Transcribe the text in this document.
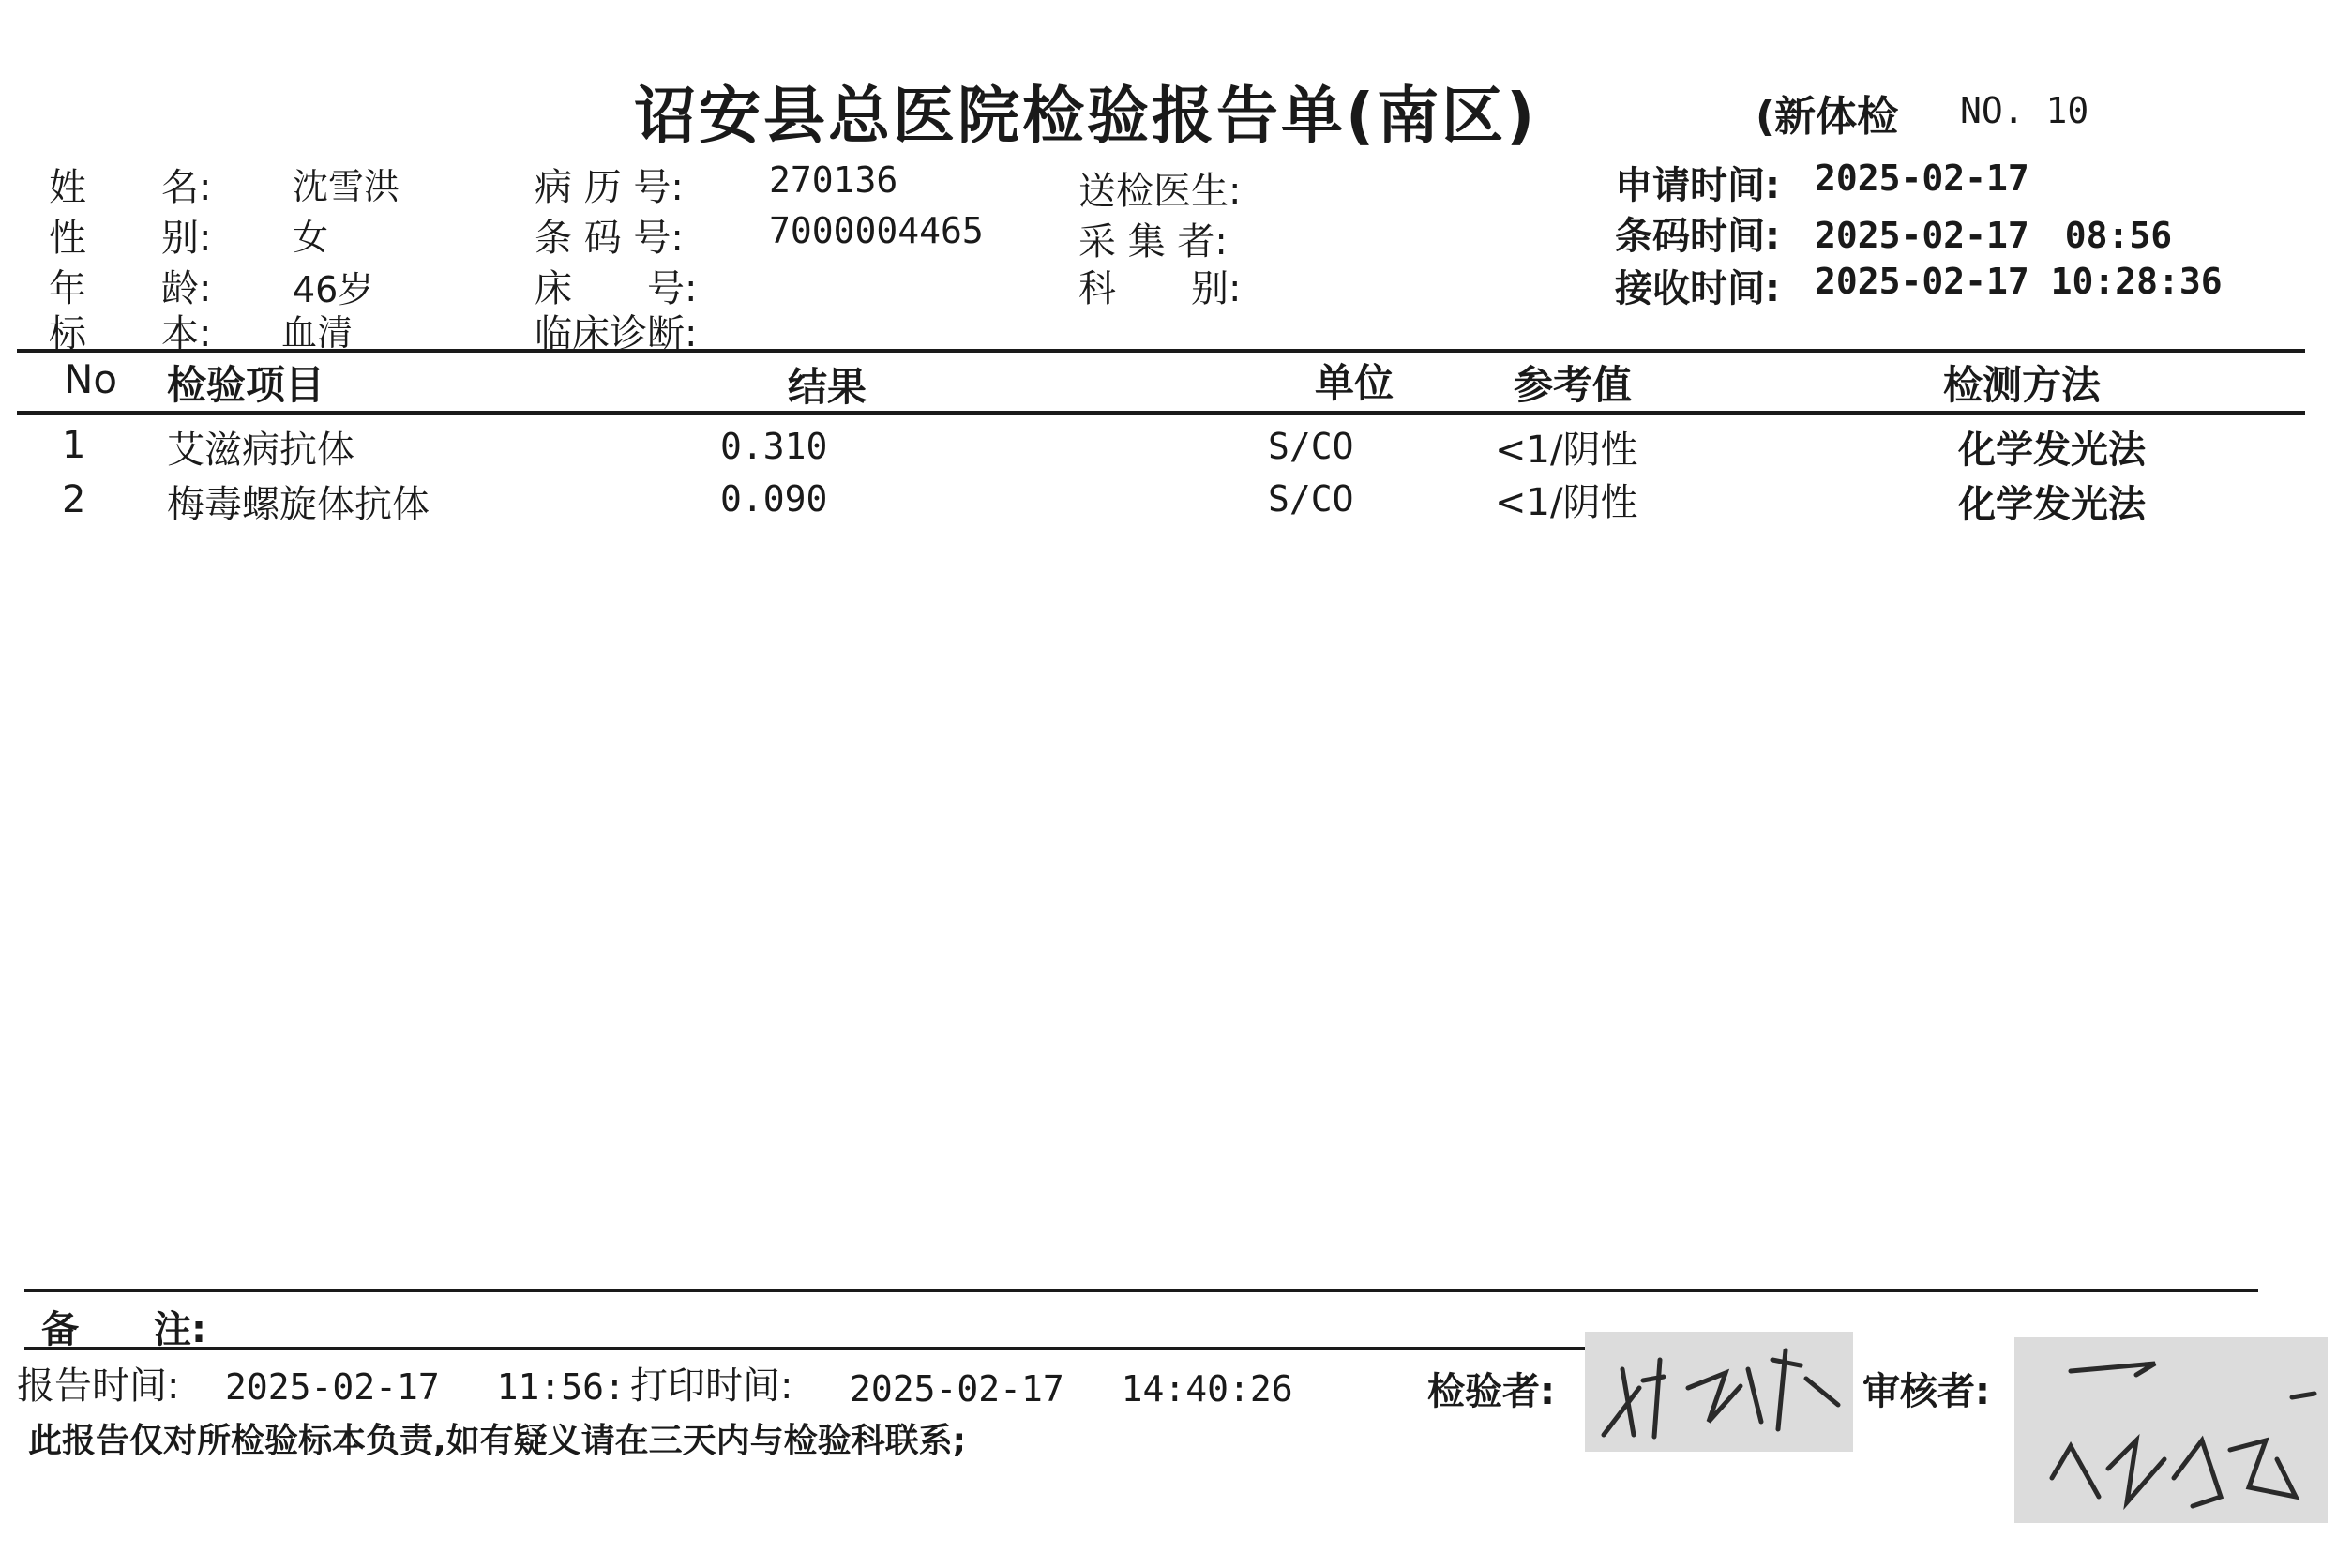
诏安县总医院检验报告单(南区)	(新体检 NO. 10
姓　　名: 沈雪洪
性　　别: 女
年　　龄: 46岁
标　　本: 血清
病 历 号: 270136
条 码 号: 7000004465
床　　号:
临床诊断:
送检医生:
采 集 者:
科　　别:
申请时间: 2025-02-17
条码时间: 2025-02-17　08:56
接收时间: 2025-02-17 10:28:36
No 检验项目	结果	单位	参考值	检测方法
1 艾滋病抗体	0.310	S/CO	<1/阴性	化学发光法
2 梅毒螺旋体抗体	0.090	S/CO	<1/阴性	化学发光法
备　　注:
报告时间: 2025-02-17　 11:56: 打印时间: 2025-02-17　 14:40:26	检验者:	审核者:
此报告仅对所检验标本负责,如有疑义请在三天内与检验科联系;
